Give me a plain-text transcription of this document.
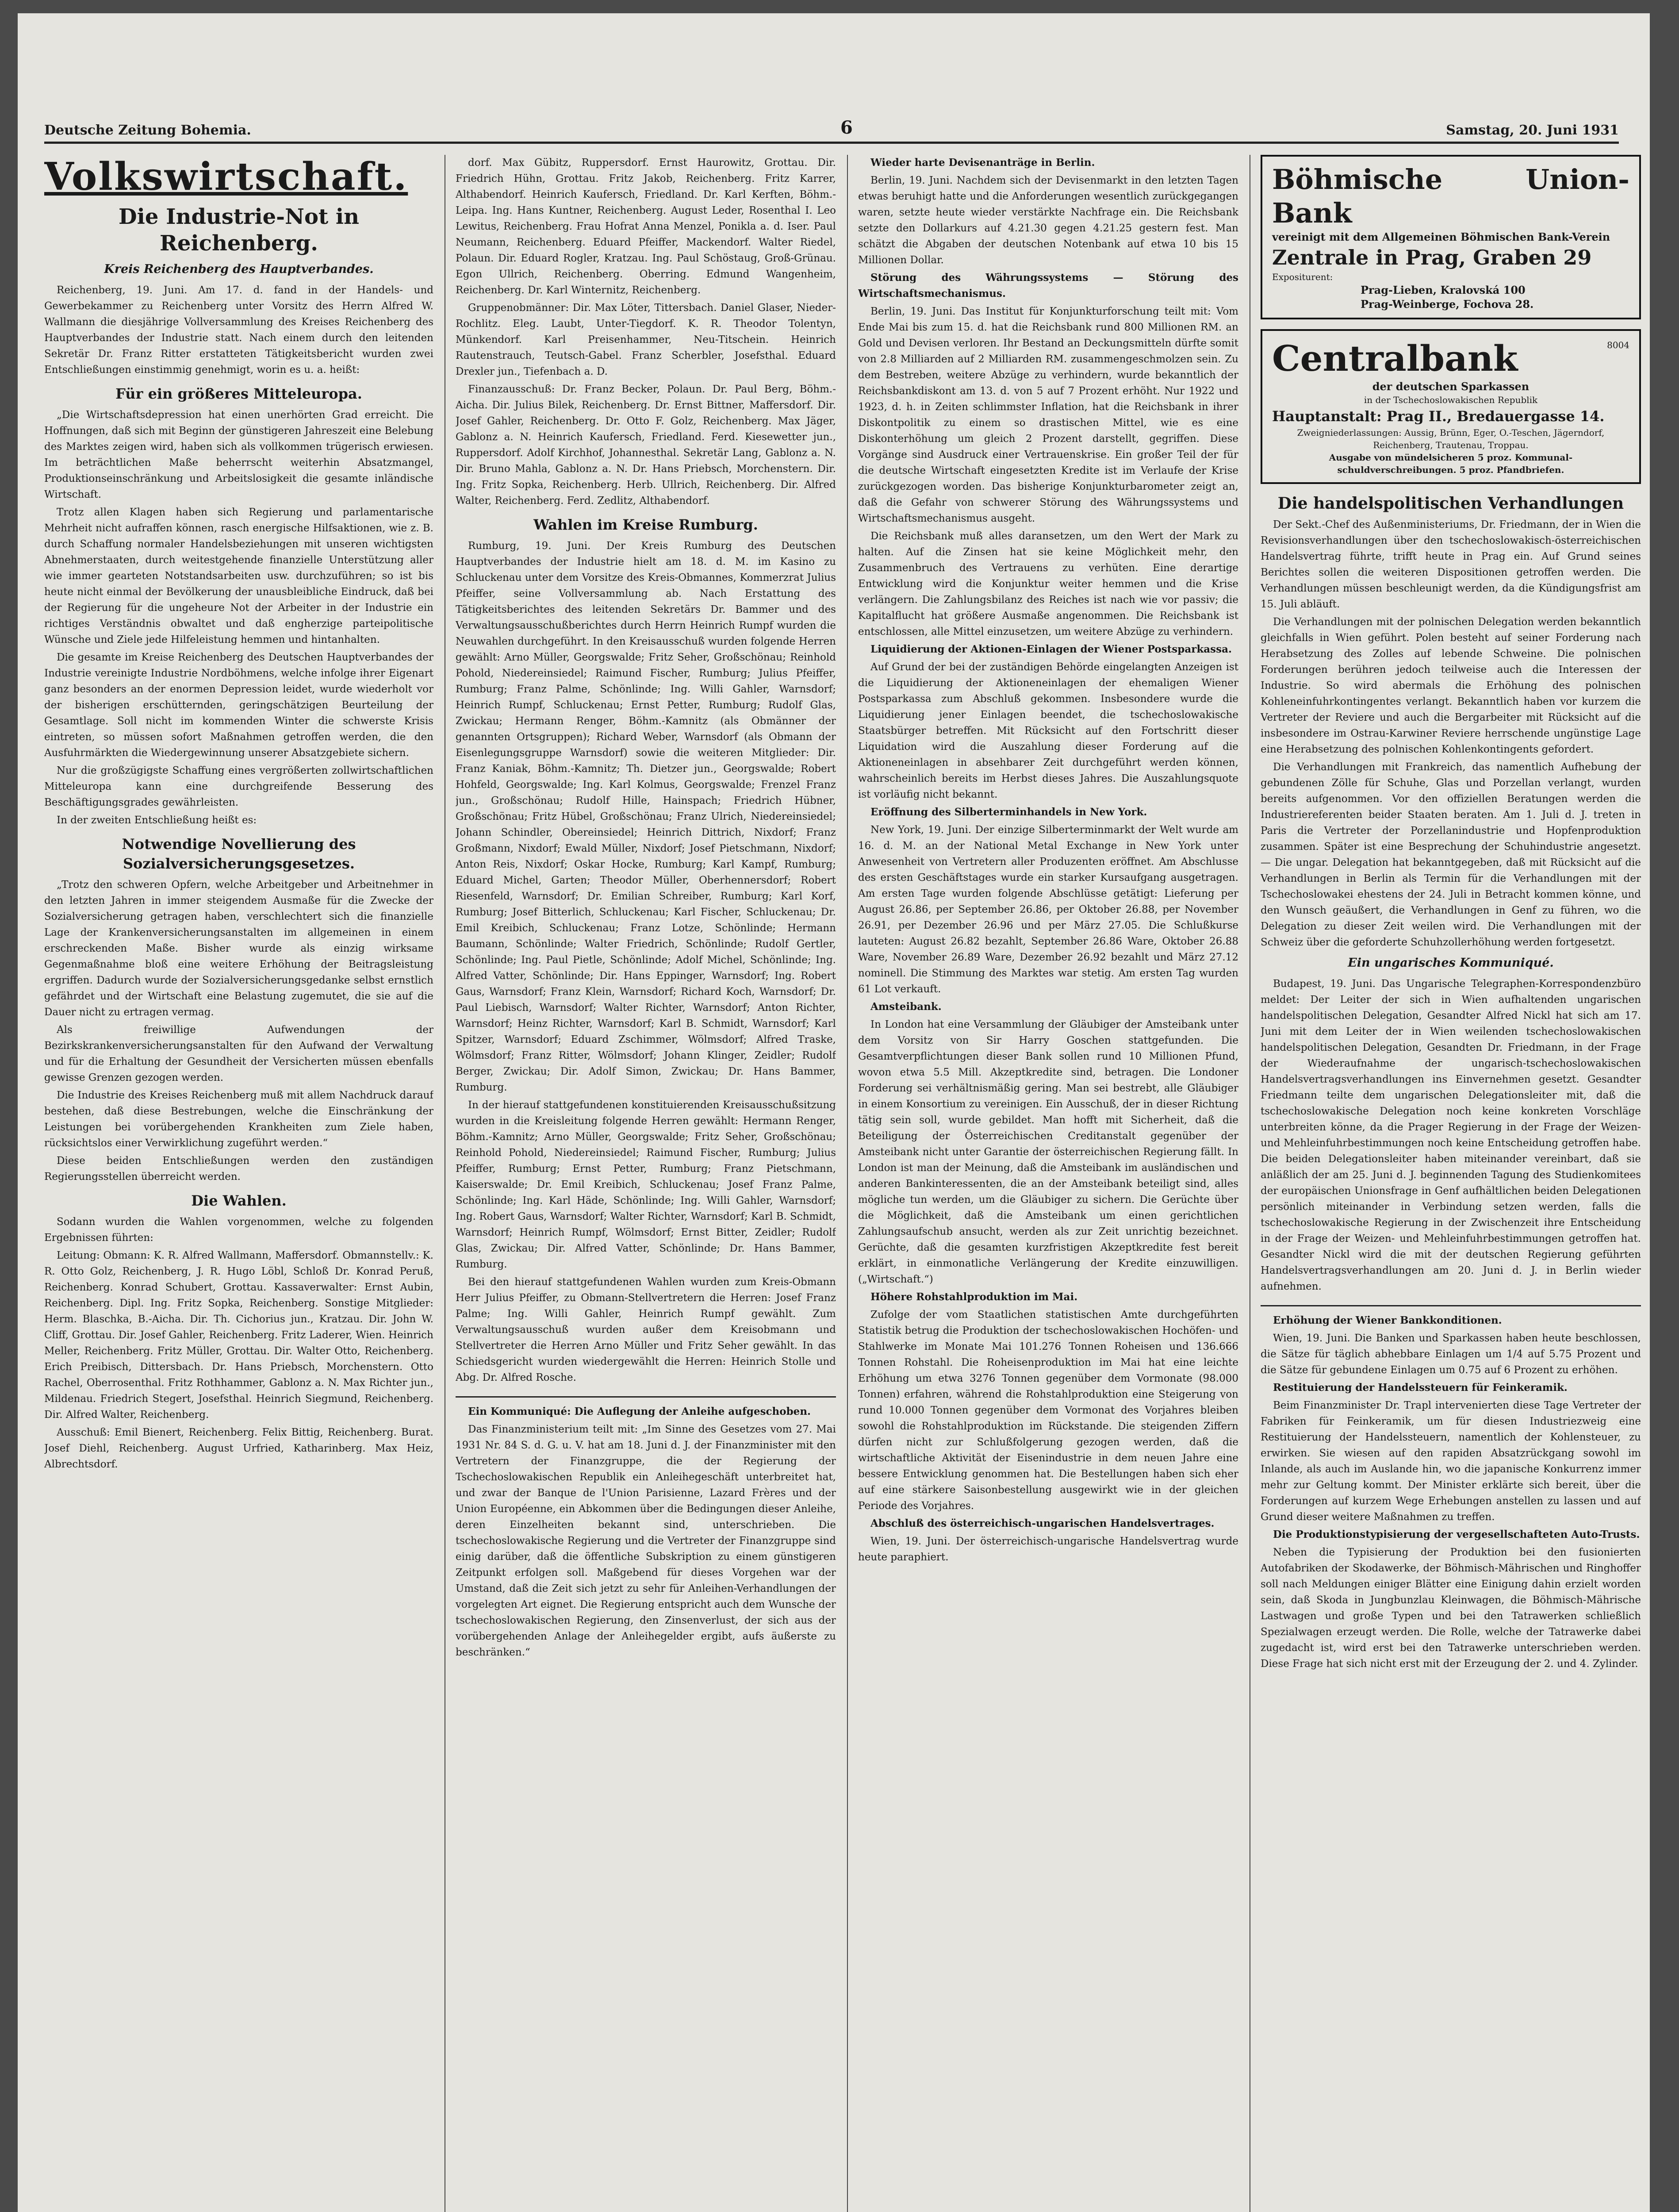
Deutsche Zeitung Bohemia.	6	Samstag, 20. Juni 1931
Volkswirtschaft.
Die Industrie-Not in Reichenberg.
Kreis Reichenberg des Hauptverbandes.

Reichenberg, 19. Juni. Am 17. d. fand in der Handels- und Gewerbekammer zu Reichenberg unter Vorsitz des Herrn Alfred W. Wallmann die diesjährige Vollversammlung des Kreises Reichenberg des Hauptverbandes der Industrie statt. Nach einem durch den leitenden Sekretär Dr. Franz Ritter erstatteten Tätigkeitsbericht wurden zwei Entschließungen einstimmig genehmigt, worin es u. a. heißt:

Für ein größeres Mitteleuropa.

„Die Wirtschaftsdepression hat einen unerhörten Grad erreicht. Die Hoffnungen, daß sich mit Beginn der günstigeren Jahreszeit eine Belebung des Marktes zeigen wird, haben sich als vollkommen trügerisch erwiesen. Im beträchtlichen Maße beherrscht weiterhin Absatzmangel, Produktionseinschränkung und Arbeitslosigkeit die gesamte inländische Wirtschaft.

Trotz allen Klagen haben sich Regierung und parlamentarische Mehrheit nicht aufraffen können, rasch energische Hilfsaktionen, wie z. B. durch Schaffung normaler Handelsbeziehungen mit unseren wichtigsten Abnehmerstaaten, durch weitestgehende finanzielle Unterstützung aller wie immer gearteten Notstandsarbeiten usw. durchzuführen; so ist bis heute nicht einmal der Bevölkerung der unausbleibliche Eindruck, daß bei der Regierung für die ungeheure Not der Arbeiter in der Industrie ein richtiges Verständnis obwaltet und daß engherzige parteipolitische Wünsche und Ziele jede Hilfeleistung hemmen und hintanhalten.

Die gesamte im Kreise Reichenberg des Deutschen Hauptverbandes der Industrie vereinigte Industrie Nordböhmens, welche infolge ihrer Eigenart ganz besonders an der enormen Depression leidet, wurde wiederholt vor der bisherigen erschütternden, geringschätzigen Beurteilung der Gesamtlage. Soll nicht im kommenden Winter die schwerste Krisis eintreten, so müssen sofort Maßnahmen getroffen werden, die den Ausfuhrmärkten die Wiedergewinnung unserer Absatzgebiete sichern.

Nur die großzügigste Schaffung eines vergrößerten zollwirtschaftlichen Mitteleuropa kann eine durchgreifende Besserung des Beschäftigungsgrades gewährleisten.

In der zweiten Entschließung heißt es:

Notwendige Novellierung des Sozialversicherungsgesetzes.

„Trotz den schweren Opfern, welche Arbeitgeber und Arbeitnehmer in den letzten Jahren in immer steigendem Ausmaße für die Zwecke der Sozialversicherung getragen haben, verschlechtert sich die finanzielle Lage der Krankenversicherungsanstalten im allgemeinen in einem erschreckenden Maße. Bisher wurde als einzig wirksame Gegenmaßnahme bloß eine weitere Erhöhung der Beitragsleistung ergriffen. Dadurch wurde der Sozialversicherungsgedanke selbst ernstlich gefährdet und der Wirtschaft eine Belastung zugemutet, die sie auf die Dauer nicht zu ertragen vermag.

Als freiwillige Aufwendungen der Bezirkskrankenversicherungsanstalten für den Aufwand der Verwaltung und für die Erhaltung der Gesundheit der Versicherten müssen ebenfalls gewisse Grenzen gezogen werden.

Die Industrie des Kreises Reichenberg muß mit allem Nachdruck darauf bestehen, daß diese Bestrebungen, welche die Einschränkung der Leistungen bei vorübergehenden Krankheiten zum Ziele haben, rücksichtslos einer Verwirklichung zugeführt werden.“

Diese beiden Entschließungen werden den zuständigen Regierungsstellen überreicht werden.

Die Wahlen.

Sodann wurden die Wahlen vorgenommen, welche zu folgenden Ergebnissen führten:

Leitung: Obmann: K. R. Alfred Wallmann, Maffersdorf. Obmannstellv.: K. R. Otto Golz, Reichenberg, J. R. Hugo Löbl, Schloß Dr. Konrad Peruß, Reichenberg. Konrad Schubert, Grottau. Kassaverwalter: Ernst Aubin, Reichenberg. Dipl. Ing. Fritz Sopka, Reichenberg. Sonstige Mitglieder: Herm. Blaschka, B.-Aicha. Dir. Th. Cichorius jun., Kratzau. Dir. John W. Cliff, Grottau. Dir. Josef Gahler, Reichenberg. Fritz Laderer, Wien. Heinrich Meller, Reichenberg. Fritz Müller, Grottau. Dir. Walter Otto, Reichenberg. Erich Preibisch, Dittersbach. Dr. Hans Priebsch, Morchenstern. Otto Rachel, Oberrosenthal. Fritz Rothhammer, Gablonz a. N. Max Richter jun., Mildenau. Friedrich Stegert, Josefsthal. Heinrich Siegmund, Reichenberg. Dir. Alfred Walter, Reichenberg.

Ausschuß: Emil Bienert, Reichenberg. Felix Bittig, Reichenberg. Burat. Josef Diehl, Reichenberg. August Urfried, Katharinberg. Max Heiz, Albrechtsdorf.

dorf. Max Gübitz, Ruppersdorf. Ernst Haurowitz, Grottau. Dir. Friedrich Hühn, Grottau. Fritz Jakob, Reichenberg. Fritz Karrer, Althabendorf. Heinrich Kaufersch, Friedland. Dr. Karl Kerften, Böhm.-Leipa. Ing. Hans Kuntner, Reichenberg. August Leder, Rosenthal I. Leo Lewitus, Reichenberg. Frau Hofrat Anna Menzel, Ponikla a. d. Iser. Paul Neumann, Reichenberg. Eduard Pfeiffer, Mackendorf. Walter Riedel, Polaun. Dir. Eduard Rogler, Kratzau. Ing. Paul Schöstaug, Groß-Grünau. Egon Ullrich, Reichenberg. Oberring. Edmund Wangenheim, Reichenberg. Dr. Karl Winternitz, Reichenberg.

Gruppenobmänner: Dir. Max Löter, Tittersbach. Daniel Glaser, Nieder-Rochlitz. Eleg. Laubt, Unter-Tiegdorf. K. R. Theodor Tolentyn, Münkendorf. Karl Preisenhammer, Neu-Titschein. Heinrich Rautenstrauch, Teutsch-Gabel. Franz Scherbler, Josefsthal. Eduard Drexler jun., Tiefenbach a. D.

Finanzausschuß: Dr. Franz Becker, Polaun. Dr. Paul Berg, Böhm.-Aicha. Dir. Julius Bilek, Reichenberg. Dr. Ernst Bittner, Maffersdorf. Dir. Josef Gahler, Reichenberg. Dr. Otto F. Golz, Reichenberg. Max Jäger, Gablonz a. N. Heinrich Kaufersch, Friedland. Ferd. Kiesewetter jun., Ruppersdorf. Adolf Kirchhof, Johannesthal. Sekretär Lang, Gablonz a. N. Dir. Bruno Mahla, Gablonz a. N. Dr. Hans Priebsch, Morchenstern. Dir. Ing. Fritz Sopka, Reichenberg. Herb. Ullrich, Reichenberg. Dir. Alfred Walter, Reichenberg. Ferd. Zedlitz, Althabendorf.

Wahlen im Kreise Rumburg.

Rumburg, 19. Juni. Der Kreis Rumburg des Deutschen Hauptverbandes der Industrie hielt am 18. d. M. im Kasino zu Schluckenau unter dem Vorsitze des Kreis-Obmannes, Kommerzrat Julius Pfeiffer, seine Vollversammlung ab. Nach Erstattung des Tätigkeitsberichtes des leitenden Sekretärs Dr. Bammer und des Verwaltungsausschußberichtes durch Herrn Heinrich Rumpf wurden die Neuwahlen durchgeführt. In den Kreisausschuß wurden folgende Herren gewählt: Arno Müller, Georgswalde; Fritz Seher, Großschönau; Reinhold Pohold, Niedereinsiedel; Raimund Fischer, Rumburg; Julius Pfeiffer, Rumburg; Franz Palme, Schönlinde; Ing. Willi Gahler, Warnsdorf; Heinrich Rumpf, Schluckenau; Ernst Petter, Rumburg; Rudolf Glas, Zwickau; Hermann Renger, Böhm.-Kamnitz (als Obmänner der genannten Ortsgruppen); Richard Weber, Warnsdorf (als Obmann der Eisenlegungsgruppe Warnsdorf) sowie die weiteren Mitglieder: Dir. Franz Kaniak, Böhm.-Kamnitz; Th. Dietzer jun., Georgswalde; Robert Hohfeld, Georgswalde; Ing. Karl Kolmus, Georgswalde; Frenzel Franz jun., Großschönau; Rudolf Hille, Hainspach; Friedrich Hübner, Großschönau; Fritz Hübel, Großschönau; Franz Ulrich, Niedereinsiedel; Johann Schindler, Obereinsiedel; Heinrich Dittrich, Nixdorf; Franz Großmann, Nixdorf; Ewald Müller, Nixdorf; Josef Pietschmann, Nixdorf; Anton Reis, Nixdorf; Oskar Hocke, Rumburg; Karl Kampf, Rumburg; Eduard Michel, Garten; Theodor Müller, Oberhennersdorf; Robert Riesenfeld, Warnsdorf; Dr. Emilian Schreiber, Rumburg; Karl Korf, Rumburg; Josef Bitterlich, Schluckenau; Karl Fischer, Schluckenau; Dr. Emil Kreibich, Schluckenau; Franz Lotze, Schönlinde; Hermann Baumann, Schönlinde; Walter Friedrich, Schönlinde; Rudolf Gertler, Schönlinde; Ing. Paul Pietle, Schönlinde; Adolf Michel, Schönlinde; Ing. Alfred Vatter, Schönlinde; Dir. Hans Eppinger, Warnsdorf; Ing. Robert Gaus, Warnsdorf; Franz Klein, Warnsdorf; Richard Koch, Warnsdorf; Dr. Paul Liebisch, Warnsdorf; Walter Richter, Warnsdorf; Anton Richter, Warnsdorf; Heinz Richter, Warnsdorf; Karl B. Schmidt, Warnsdorf; Karl Spitzer, Warnsdorf; Eduard Zschimmer, Wölmsdorf; Alfred Traske, Wölmsdorf; Franz Ritter, Wölmsdorf; Johann Klinger, Zeidler; Rudolf Berger, Zwickau; Dir. Adolf Simon, Zwickau; Dr. Hans Bammer, Rumburg.

In der hierauf stattgefundenen konstituierenden Kreisausschußsitzung wurden in die Kreisleitung folgende Herren gewählt: Hermann Renger, Böhm.-Kamnitz; Arno Müller, Georgswalde; Fritz Seher, Großschönau; Reinhold Pohold, Niedereinsiedel; Raimund Fischer, Rumburg; Julius Pfeiffer, Rumburg; Ernst Petter, Rumburg; Franz Pietschmann, Kaiserswalde; Dr. Emil Kreibich, Schluckenau; Josef Franz Palme, Schönlinde; Ing. Karl Häde, Schönlinde; Ing. Willi Gahler, Warnsdorf; Ing. Robert Gaus, Warnsdorf; Walter Richter, Warnsdorf; Karl B. Schmidt, Warnsdorf; Heinrich Rumpf, Wölmsdorf; Ernst Bitter, Zeidler; Rudolf Glas, Zwickau; Dir. Alfred Vatter, Schönlinde; Dr. Hans Bammer, Rumburg.

Bei den hierauf stattgefundenen Wahlen wurden zum Kreis-Obmann Herr Julius Pfeiffer, zu Obmann-Stellvertretern die Herren: Josef Franz Palme; Ing. Willi Gahler, Heinrich Rumpf gewählt. Zum Verwaltungsausschuß wurden außer dem Kreisobmann und Stellvertreter die Herren Arno Müller und Fritz Seher gewählt. In das Schiedsgericht wurden wiedergewählt die Herren: Heinrich Stolle und Abg. Dr. Alfred Rosche.

Ein Kommuniqué: Die Auflegung der Anleihe aufgeschoben.

Das Finanzministerium teilt mit: „Im Sinne des Gesetzes vom 27. Mai 1931 Nr. 84 S. d. G. u. V. hat am 18. Juni d. J. der Finanzminister mit den Vertretern der Finanzgruppe, die der Regierung der Tschechoslowakischen Republik ein Anleihegeschäft unterbreitet hat, und zwar der Banque de l'Union Parisienne, Lazard Frères und der Union Européenne, ein Abkommen über die Bedingungen dieser Anleihe, deren Einzelheiten bekannt sind, unterschrieben. Die tschechoslowakische Regierung und die Vertreter der Finanzgruppe sind einig darüber, daß die öffentliche Subskription zu einem günstigeren Zeitpunkt erfolgen soll. Maßgebend für dieses Vorgehen war der Umstand, daß die Zeit sich jetzt zu sehr für Anleihen-Verhandlungen der vorgelegten Art eignet. Die Regierung entspricht auch dem Wunsche der tschechoslowakischen Regierung, den Zinsenverlust, der sich aus der vorübergehenden Anlage der Anleihegelder ergibt, aufs äußerste zu beschränken.“

Wieder harte Devisenanträge in Berlin.

Berlin, 19. Juni. Nachdem sich der Devisenmarkt in den letzten Tagen etwas beruhigt hatte und die Anforderungen wesentlich zurückgegangen waren, setzte heute wieder verstärkte Nachfrage ein. Die Reichsbank setzte den Dollarkurs auf 4.21.30 gegen 4.21.25 gestern fest. Man schätzt die Abgaben der deutschen Notenbank auf etwa 10 bis 15 Millionen Dollar.

Störung des Währungssystems — Störung des Wirtschaftsmechanismus.

Berlin, 19. Juni. Das Institut für Konjunkturforschung teilt mit: Vom Ende Mai bis zum 15. d. hat die Reichsbank rund 800 Millionen RM. an Gold und Devisen verloren. Ihr Bestand an Deckungsmitteln dürfte somit von 2.8 Milliarden auf 2 Milliarden RM. zusammengeschmolzen sein. Zu dem Bestreben, weitere Abzüge zu verhindern, wurde bekanntlich der Reichsbankdiskont am 13. d. von 5 auf 7 Prozent erhöht. Nur 1922 und 1923, d. h. in Zeiten schlimmster Inflation, hat die Reichsbank in ihrer Diskontpolitik zu einem so drastischen Mittel, wie es eine Diskonterhöhung um gleich 2 Prozent darstellt, gegriffen. Diese Vorgänge sind Ausdruck einer Vertrauenskrise. Ein großer Teil der für die deutsche Wirtschaft eingesetzten Kredite ist im Verlaufe der Krise zurückgezogen worden. Das bisherige Konjunkturbarometer zeigt an, daß die Gefahr von schwerer Störung des Währungssystems und Wirtschaftsmechanismus ausgeht.

Die Reichsbank muß alles daransetzen, um den Wert der Mark zu halten. Auf die Zinsen hat sie keine Möglichkeit mehr, den Zusammenbruch des Vertrauens zu verhüten. Eine derartige Entwicklung wird die Konjunktur weiter hemmen und die Krise verlängern. Die Zahlungsbilanz des Reiches ist nach wie vor passiv; die Kapitalflucht hat größere Ausmaße angenommen. Die Reichsbank ist entschlossen, alle Mittel einzusetzen, um weitere Abzüge zu verhindern.

Liquidierung der Aktionen-Einlagen der Wiener Postsparkassa.

Auf Grund der bei der zuständigen Behörde eingelangten Anzeigen ist die Liquidierung der Aktioneneinlagen der ehemaligen Wiener Postsparkassa zum Abschluß gekommen. Insbesondere wurde die Liquidierung jener Einlagen beendet, die tschechoslowakische Staatsbürger betreffen. Mit Rücksicht auf den Fortschritt dieser Liquidation wird die Auszahlung dieser Forderung auf die Aktioneneinlagen in absehbarer Zeit durchgeführt werden können, wahrscheinlich bereits im Herbst dieses Jahres. Die Auszahlungsquote ist vorläufig nicht bekannt.

Eröffnung des Silberterminhandels in New York.

New York, 19. Juni. Der einzige Silberterminmarkt der Welt wurde am 16. d. M. an der National Metal Exchange in New York unter Anwesenheit von Vertretern aller Produzenten eröffnet. Am Abschlusse des ersten Geschäftstages wurde ein starker Kursaufgang ausgetragen. Am ersten Tage wurden folgende Abschlüsse getätigt: Lieferung per August 26.86, per September 26.86, per Oktober 26.88, per November 26.91, per Dezember 26.96 und per März 27.05. Die Schlußkurse lauteten: August 26.82 bezahlt, September 26.86 Ware, Oktober 26.88 Ware, November 26.89 Ware, Dezember 26.92 bezahlt und März 27.12 nominell. Die Stimmung des Marktes war stetig. Am ersten Tag wurden 61 Lot verkauft.

Amsteibank.

In London hat eine Versammlung der Gläubiger der Amsteibank unter dem Vorsitz von Sir Harry Goschen stattgefunden. Die Gesamtverpflichtungen dieser Bank sollen rund 10 Millionen Pfund, wovon etwa 5.5 Mill. Akzeptkredite sind, betragen. Die Londoner Forderung sei verhältnismäßig gering. Man sei bestrebt, alle Gläubiger in einem Konsortium zu vereinigen. Ein Ausschuß, der in dieser Richtung tätig sein soll, wurde gebildet. Man hofft mit Sicherheit, daß die Beteiligung der Österreichischen Creditanstalt gegenüber der Amsteibank nicht unter Garantie der österreichischen Regierung fällt. In London ist man der Meinung, daß die Amsteibank im ausländischen und anderen Bankinteressenten, die an der Amsteibank beteiligt sind, alles mögliche tun werden, um die Gläubiger zu sichern. Die Gerüchte über die Möglichkeit, daß die Amsteibank um einen gerichtlichen Zahlungsaufschub ansucht, werden als zur Zeit unrichtig bezeichnet. Gerüchte, daß die gesamten kurzfristigen Akzeptkredite fest bereit erklärt, in einmonatliche Verlängerung der Kredite einzuwilligen. („Wirtschaft.“)

Höhere Rohstahlproduktion im Mai.

Zufolge der vom Staatlichen statistischen Amte durchgeführten Statistik betrug die Produktion der tschechoslowakischen Hochöfen- und Stahlwerke im Monate Mai 101.276 Tonnen Roheisen und 136.666 Tonnen Rohstahl. Die Roheisenproduktion im Mai hat eine leichte Erhöhung um etwa 3276 Tonnen gegenüber dem Vormonate (98.000 Tonnen) erfahren, während die Rohstahlproduktion eine Steigerung von rund 10.000 Tonnen gegenüber dem Vormonat des Vorjahres bleiben sowohl die Rohstahlproduktion im Rückstande. Die steigenden Ziffern dürfen nicht zur Schlußfolgerung gezogen werden, daß die wirtschaftliche Aktivität der Eisenindustrie in dem neuen Jahre eine bessere Entwicklung genommen hat. Die Bestellungen haben sich eher auf eine stärkere Saisonbestellung ausgewirkt wie in der gleichen Periode des Vorjahres.

Abschluß des österreichisch-ungarischen Handelsvertrages.

Wien, 19. Juni. Der österreichisch-ungarische Handelsvertrag wurde heute paraphiert.

Böhmische Union-Bank
vereinigt mit dem Allgemeinen Böhmischen Bank-Verein
Zentrale in Prag, Graben 29
Expositurent:
Prag-Lieben, Kralovská 100
Prag-Weinberge, Fochova 28.
8004
Centralbank
der deutschen Sparkassen
in der Tschechoslowakischen Republik
Hauptanstalt: Prag II., Bredauergasse 14.
Zweigniederlassungen: Aussig, Brünn, Eger, O.-Teschen, Jägerndorf, Reichenberg, Trautenau, Troppau.
Ausgabe von mündelsicheren 5 proz. Kommunal-schuldverschreibungen. 5 proz. Pfandbriefen.
Die handelspolitischen Verhandlungen

Der Sekt.-Chef des Außenministeriums, Dr. Friedmann, der in Wien die Revisionsverhandlungen über den tschechoslowakisch-österreichischen Handelsvertrag führte, trifft heute in Prag ein. Auf Grund seines Berichtes sollen die weiteren Dispositionen getroffen werden. Die Verhandlungen müssen beschleunigt werden, da die Kündigungsfrist am 15. Juli abläuft.

Die Verhandlungen mit der polnischen Delegation werden bekanntlich gleichfalls in Wien geführt. Polen besteht auf seiner Forderung nach Herabsetzung des Zolles auf lebende Schweine. Die polnischen Forderungen berühren jedoch teilweise auch die Interessen der Industrie. So wird abermals die Erhöhung des polnischen Kohleneinfuhrkontingentes verlangt. Bekanntlich haben vor kurzem die Vertreter der Reviere und auch die Bergarbeiter mit Rücksicht auf die insbesondere im Ostrau-Karwiner Reviere herrschende ungünstige Lage eine Herabsetzung des polnischen Kohlenkontingents gefordert.

Die Verhandlungen mit Frankreich, das namentlich Aufhebung der gebundenen Zölle für Schuhe, Glas und Porzellan verlangt, wurden bereits aufgenommen. Vor den offiziellen Beratungen werden die Industriereferenten beider Staaten beraten. Am 1. Juli d. J. treten in Paris die Vertreter der Porzellanindustrie und Hopfenproduktion zusammen. Später ist eine Besprechung der Schuhindustrie angesetzt. — Die ungar. Delegation hat bekanntgegeben, daß mit Rücksicht auf die Verhandlungen in Berlin als Termin für die Verhandlungen mit der Tschechoslowakei ehestens der 24. Juli in Betracht kommen könne, und den Wunsch geäußert, die Verhandlungen in Genf zu führen, wo die Delegation zu dieser Zeit weilen wird. Die Verhandlungen mit der Schweiz über die geforderte Schuhzollerhöhung werden fortgesetzt.

Ein ungarisches Kommuniqué.

Budapest, 19. Juni. Das Ungarische Telegraphen-Korrespondenzbüro meldet: Der Leiter der sich in Wien aufhaltenden ungarischen handelspolitischen Delegation, Gesandter Alfred Nickl hat sich am 17. Juni mit dem Leiter der in Wien weilenden tschechoslowakischen handelspolitischen Delegation, Gesandten Dr. Friedmann, in der Frage der Wiederaufnahme der ungarisch-tschechoslowakischen Handelsvertragsverhandlungen ins Einvernehmen gesetzt. Gesandter Friedmann teilte dem ungarischen Delegationsleiter mit, daß die tschechoslowakische Delegation noch keine konkreten Vorschläge unterbreiten könne, da die Prager Regierung in der Frage der Weizen- und Mehleinfuhrbestimmungen noch keine Entscheidung getroffen habe. Die beiden Delegationsleiter haben miteinander vereinbart, daß sie anläßlich der am 25. Juni d. J. beginnenden Tagung des Studienkomitees der europäischen Unionsfrage in Genf aufhältlichen beiden Delegationen persönlich miteinander in Verbindung setzen werden, falls die tschechoslowakische Regierung in der Zwischenzeit ihre Entscheidung in der Frage der Weizen- und Mehleinfuhrbestimmungen getroffen hat. Gesandter Nickl wird die mit der deutschen Regierung geführten Handelsvertragsverhandlungen am 20. Juni d. J. in Berlin wieder aufnehmen.

Erhöhung der Wiener Bankkonditionen.

Wien, 19. Juni. Die Banken und Sparkassen haben heute beschlossen, die Sätze für täglich abhebbare Einlagen um 1/4 auf 5.75 Prozent und die Sätze für gebundene Einlagen um 0.75 auf 6 Prozent zu erhöhen.

Restituierung der Handelssteuern für Feinkeramik.

Beim Finanzminister Dr. Trapl intervenierten diese Tage Vertreter der Fabriken für Feinkeramik, um für diesen Industriezweig eine Restituierung der Handelssteuern, namentlich der Kohlensteuer, zu erwirken. Sie wiesen auf den rapiden Absatzrückgang sowohl im Inlande, als auch im Auslande hin, wo die japanische Konkurrenz immer mehr zur Geltung kommt. Der Minister erklärte sich bereit, über die Forderungen auf kurzem Wege Erhebungen anstellen zu lassen und auf Grund dieser weitere Maßnahmen zu treffen.

Die Produktionstypisierung der vergesellschafteten Auto-Trusts.

Neben die Typisierung der Produktion bei den fusionierten Autofabriken der Skodawerke, der Böhmisch-Mährischen und Ringhoffer soll nach Meldungen einiger Blätter eine Einigung dahin erzielt worden sein, daß Skoda in Jungbunzlau Kleinwagen, die Böhmisch-Mährische Lastwagen und große Typen und bei den Tatrawerken schließlich Spezialwagen erzeugt werden. Die Rolle, welche der Tatrawerke dabei zugedacht ist, wird erst bei den Tatrawerke unterschrieben werden. Diese Frage hat sich nicht erst mit der Erzeugung der 2. und 4. Zylinder.
